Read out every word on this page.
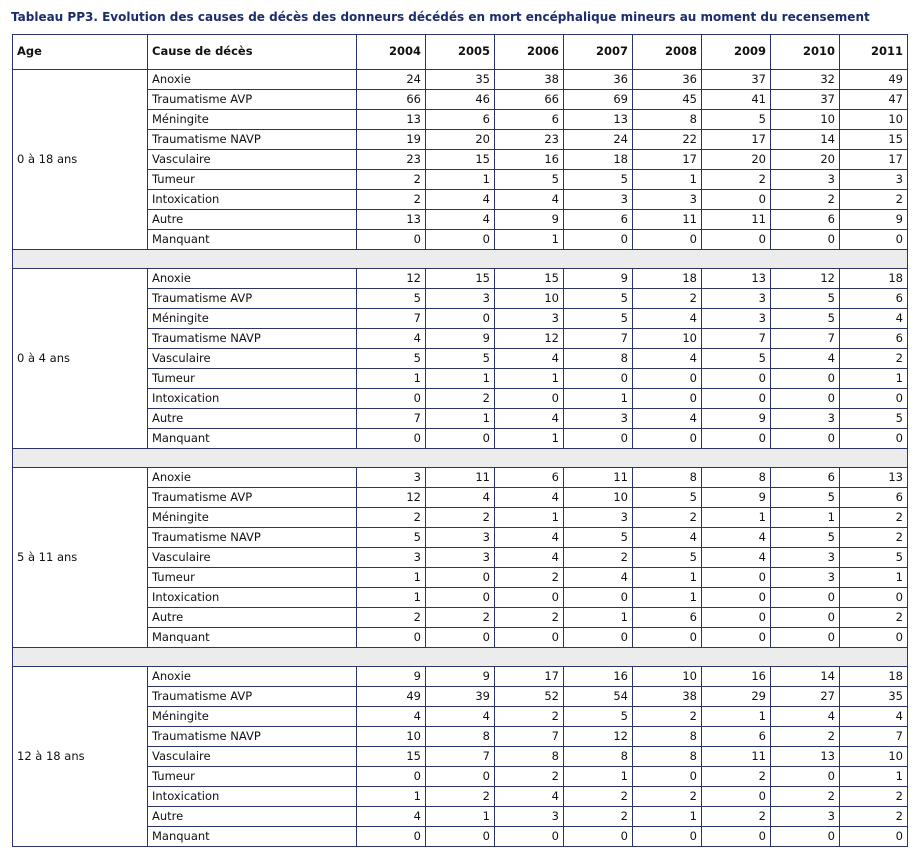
Tableau PP3. Evolution des causes de décès des donneurs décédés en mort encéphalique mineurs au moment du recensement
Age	Cause de décès	2004	2005	2006	2007	2008	2009	2010	2011
0 à 18 ans	Anoxie	24	35	38	36	36	37	32	49
	Traumatisme AVP	66	46	66	69	45	41	37	47
	Méningite	13	6	6	13	8	5	10	10
	Traumatisme NAVP	19	20	23	24	22	17	14	15
	Vasculaire	23	15	16	18	17	20	20	17
	Tumeur	2	1	5	5	1	2	3	3
	Intoxication	2	4	4	3	3	0	2	2
	Autre	13	4	9	6	11	11	6	9
	Manquant	0	0	1	0	0	0	0	0

0 à 4 ans	Anoxie	12	15	15	9	18	13	12	18
	Traumatisme AVP	5	3	10	5	2	3	5	6
	Méningite	7	0	3	5	4	3	5	4
	Traumatisme NAVP	4	9	12	7	10	7	7	6
	Vasculaire	5	5	4	8	4	5	4	2
	Tumeur	1	1	1	0	0	0	0	1
	Intoxication	0	2	0	1	0	0	0	0
	Autre	7	1	4	3	4	9	3	5
	Manquant	0	0	1	0	0	0	0	0

5 à 11 ans	Anoxie	3	11	6	11	8	8	6	13
	Traumatisme AVP	12	4	4	10	5	9	5	6
	Méningite	2	2	1	3	2	1	1	2
	Traumatisme NAVP	5	3	4	5	4	4	5	2
	Vasculaire	3	3	4	2	5	4	3	5
	Tumeur	1	0	2	4	1	0	3	1
	Intoxication	1	0	0	0	1	0	0	0
	Autre	2	2	2	1	6	0	0	2
	Manquant	0	0	0	0	0	0	0	0

12 à 18 ans	Anoxie	9	9	17	16	10	16	14	18
	Traumatisme AVP	49	39	52	54	38	29	27	35
	Méningite	4	4	2	5	2	1	4	4
	Traumatisme NAVP	10	8	7	12	8	6	2	7
	Vasculaire	15	7	8	8	8	11	13	10
	Tumeur	0	0	2	1	0	2	0	1
	Intoxication	1	2	4	2	2	0	2	2
	Autre	4	1	3	2	1	2	3	2
	Manquant	0	0	0	0	0	0	0	0
